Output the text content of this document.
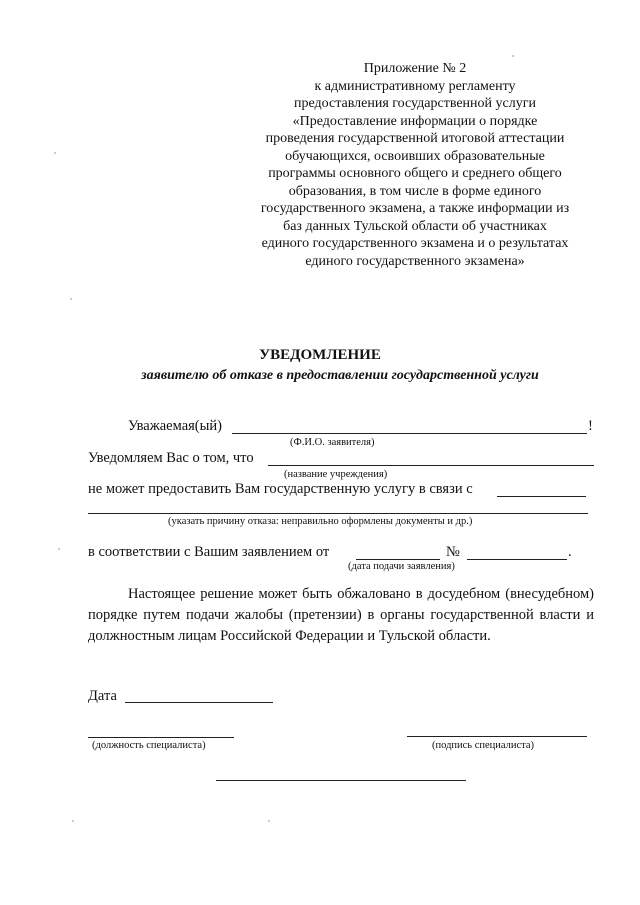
Приложение № 2
к административному регламенту
предоставления государственной услуги
«Предоставление информации о порядке
проведения государственной итоговой аттестации
обучающихся, освоивших образовательные
программы основного общего и среднего общего
образования, в том числе в форме единого
государственного экзамена, а также информации из
баз данных Тульской области об участниках
единого государственного экзамена и о результатах
единого государственного экзамена»
УВЕДОМЛЕНИЕ
заявителю об отказе в предоставлении государственной услуги
Уважаемая(ый)	!
(Ф.И.О. заявителя)
Уведомляем Вас о том, что
(название учреждения)
не может предоставить Вам государственную услугу в связи с
(указать причину отказа: неправильно оформлены документы и др.)
в соответствии с Вашим заявлением от	№	.
(дата подачи заявления)
Настоящее решение может быть обжаловано в досудебном (внесудебном) порядке путем подачи жалобы (претензии) в органы государственной власти и должностным лицам Российской Федерации и Тульской области.
Дата
(должность специалиста)	(подпись специалиста)
